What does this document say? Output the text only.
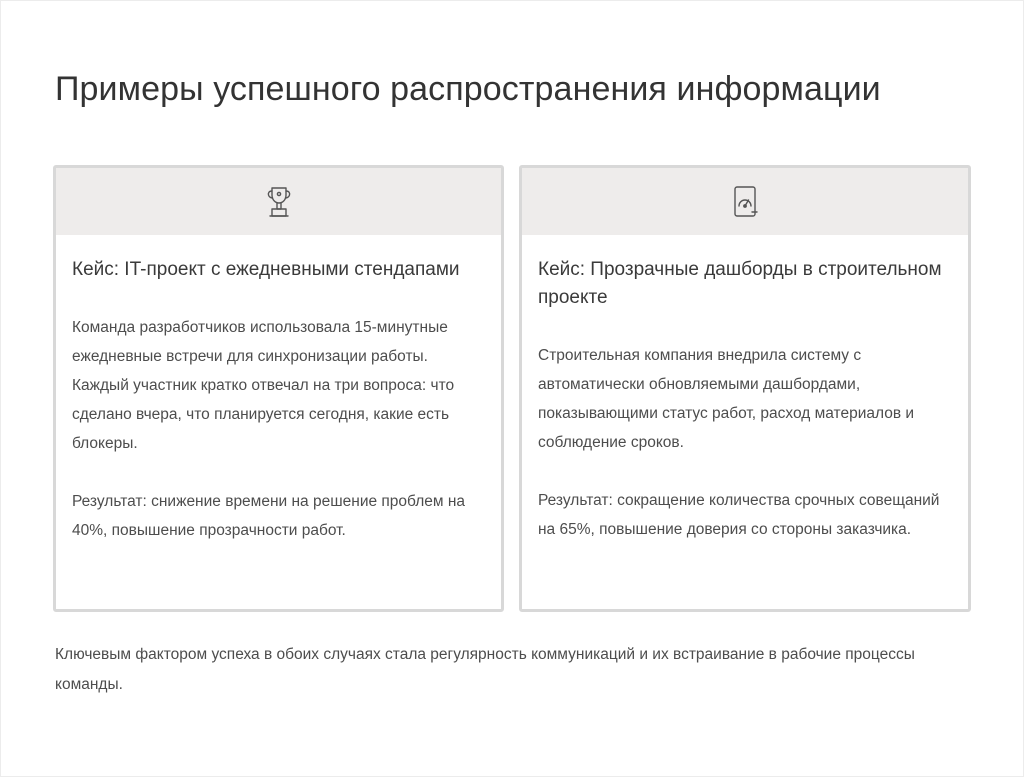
Примеры успешного распространения информации
Кейс: IT-проект с ежедневными стендапами

Команда разработчиков использовала 15-минутные ежедневные встречи для синхронизации работы. Каждый участник кратко отвечал на три вопроса: что сделано вчера, что планируется сегодня, какие есть блокеры.

Результат: снижение времени на решение проблем на 40%, повышение прозрачности работ.

Кейс: Прозрачные дашборды в строительном проекте

Строительная компания внедрила систему с автоматически обновляемыми дашбордами, показывающими статус работ, расход материалов и соблюдение сроков.

Результат: сокращение количества срочных совещаний на 65%, повышение доверия со стороны заказчика.

Ключевым фактором успеха в обоих случаях стала регулярность коммуникаций и их встраивание в рабочие процессы команды.
